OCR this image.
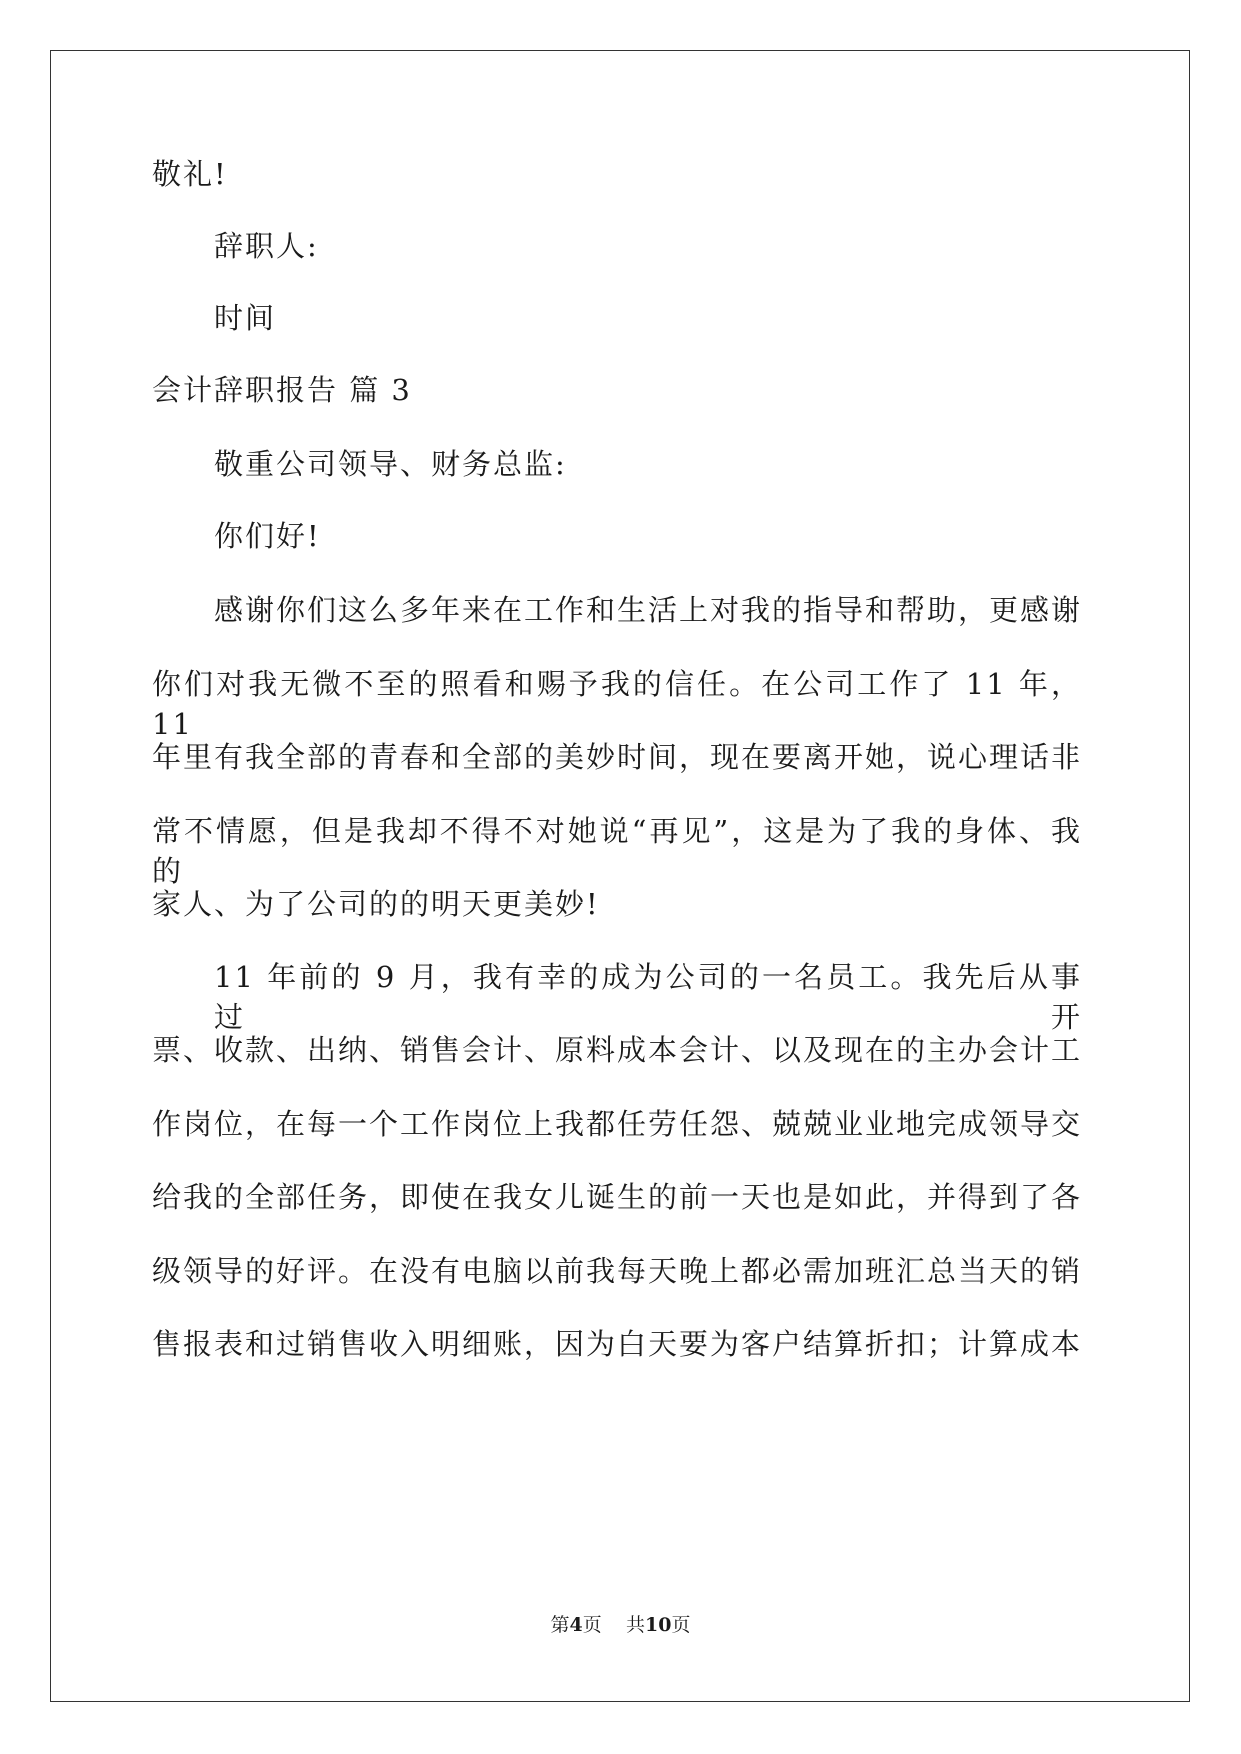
敬礼!
辞职人:
时间
会计辞职报告 篇 3
敬重公司领导、财务总监:
你们好!
感谢你们这么多年来在工作和生活上对我的指导和帮助，更感谢
你们对我无微不至的照看和赐予我的信任。在公司工作了 11 年，11
年里有我全部的青春和全部的美妙时间，现在要离开她，说心理话非
常不情愿，但是我却不得不对她说“再见”，这是为了我的身体、我的
家人、为了公司的的明天更美妙!
11 年前的 9 月，我有幸的成为公司的一名员工。我先后从事过开
票、收款、出纳、销售会计、原料成本会计、以及现在的主办会计工
作岗位，在每一个工作岗位上我都任劳任怨、兢兢业业地完成领导交
给我的全部任务，即使在我女儿诞生的前一天也是如此，并得到了各
级领导的好评。在没有电脑以前我每天晚上都必需加班汇总当天的销
售报表和过销售收入明细账，因为白天要为客户结算折扣；计算成本
第4页 共10页
